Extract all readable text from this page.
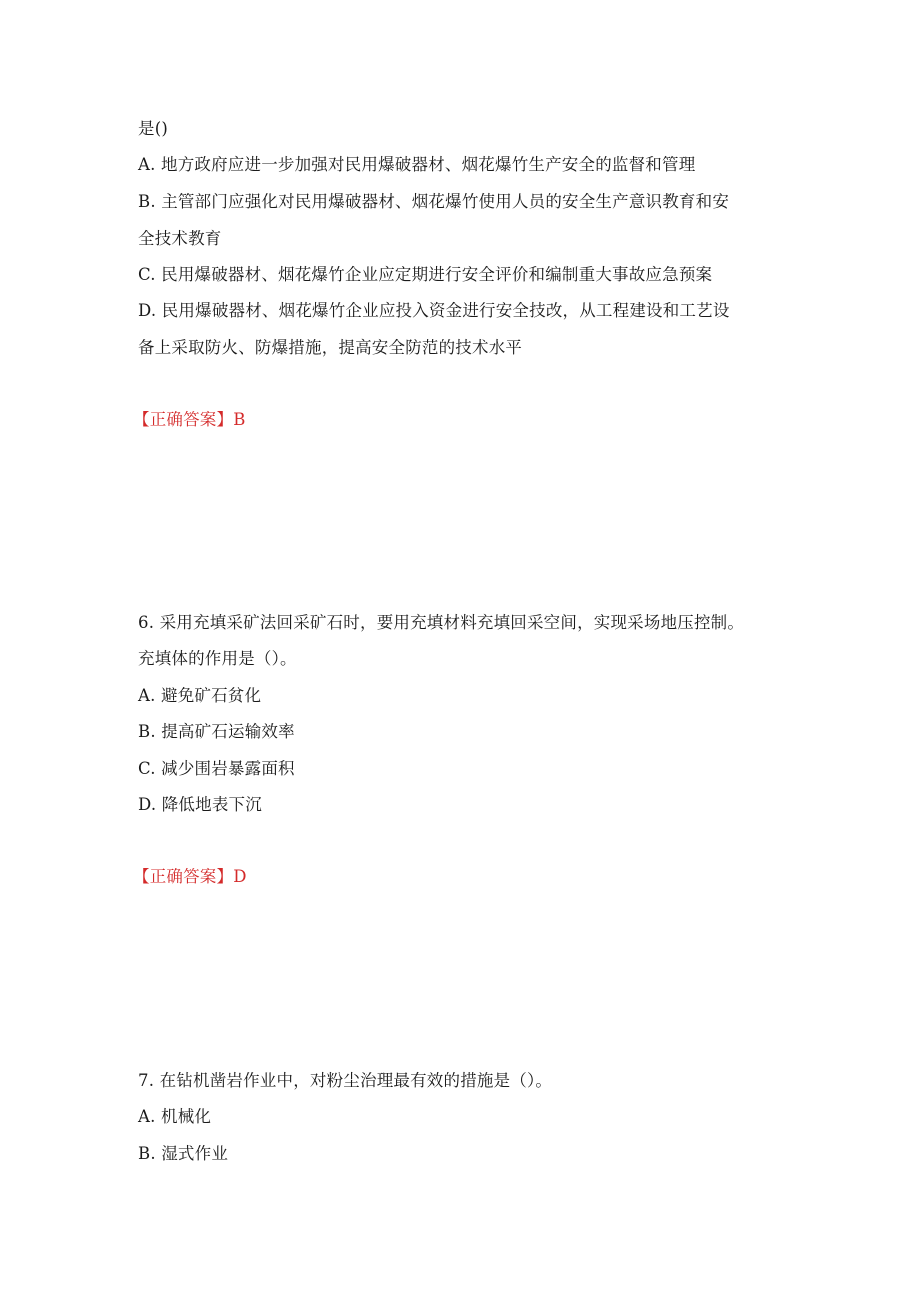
是()
A. 地方政府应进一步加强对民用爆破器材、烟花爆竹生产安全的监督和管理
B. 主管部门应强化对民用爆破器材、烟花爆竹使用人员的安全生产意识教育和安
全技术教育
C. 民用爆破器材、烟花爆竹企业应定期进行安全评价和编制重大事故应急预案
D. 民用爆破器材、烟花爆竹企业应投入资金进行安全技改，从工程建设和工艺设
备上采取防火、防爆措施，提高安全防范的技术水平
【正确答案】B
6. 采用充填采矿法回采矿石时，要用充填材料充填回采空间，实现采场地压控制。
充填体的作用是（）。
A. 避免矿石贫化
B. 提高矿石运输效率
C. 减少围岩暴露面积
D. 降低地表下沉
【正确答案】D
7. 在钻机凿岩作业中，对粉尘治理最有效的措施是（）。
A. 机械化
B. 湿式作业
